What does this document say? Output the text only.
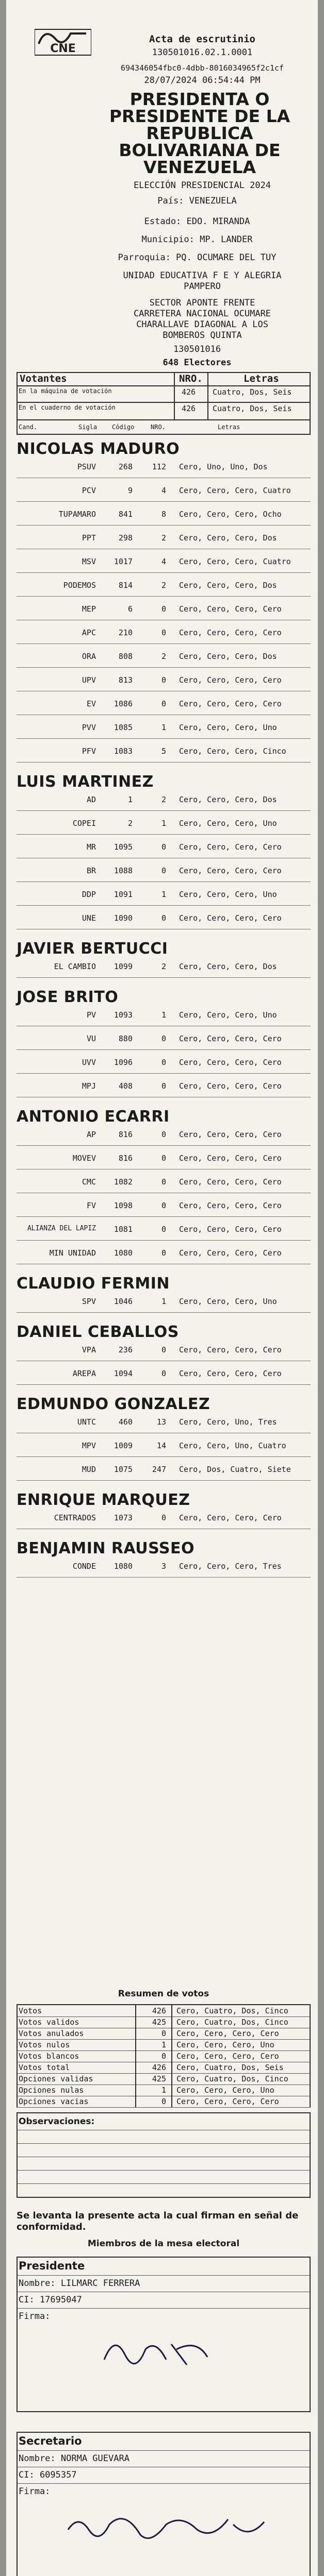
CNE
Acta de escrutinio
130501016.02.1.0001
694346054fbc0-4dbb-8016034965f2c1cf
28/07/2024 06:54:44 PM
PRESIDENTA O
PRESIDENTE DE LA
REPUBLICA
BOLIVARIANA DE
VENEZUELA
ELECCIÓN PRESIDENCIAL 2024
País: VENEZUELA
Estado: EDO. MIRANDA
Municipio: MP. LANDER
Parroquia: PQ. OCUMARE DEL TUY
UNIDAD EDUCATIVA F E Y ALEGRIA
PAMPERO
SECTOR APONTE FRENTE
CARRETERA NACIONAL OCUMARE
CHARALLAVE DIAGONAL A LOS
BOMBEROS QUINTA
130501016
648 Electores
Votantes	NRO.	Letras
En la máquina de votación	426 Cuatro, Dos, Seis
En el cuaderno de votación	426 Cuatro, Dos, Seis
Cand.	Sigla Código	NRO.	Letras
NICOLAS MADURO
PSUV	268	112 Cero, Uno, Uno, Dos
PCV	9	4 Cero, Cero, Cero, Cuatro
TUPAMARO	841	8 Cero, Cero, Cero, Ocho
PPT	298	2 Cero, Cero, Cero, Dos
MSV	1017	4 Cero, Cero, Cero, Cuatro
PODEMOS	814	2 Cero, Cero, Cero, Dos
MEP	6	0 Cero, Cero, Cero, Cero
APC	210	0 Cero, Cero, Cero, Cero
ORA	808	2 Cero, Cero, Cero, Dos
UPV	813	0 Cero, Cero, Cero, Cero
EV	1086	0 Cero, Cero, Cero, Cero
PVV	1085	1 Cero, Cero, Cero, Uno
PFV	1083	5 Cero, Cero, Cero, Cinco
LUIS MARTINEZ
AD	1	2 Cero, Cero, Cero, Dos
COPEI	2	1 Cero, Cero, Cero, Uno
MR	1095	0 Cero, Cero, Cero, Cero
BR	1088	0 Cero, Cero, Cero, Cero
DDP	1091	1 Cero, Cero, Cero, Uno
UNE	1090	0 Cero, Cero, Cero, Cero
JAVIER BERTUCCI
EL CAMBIO	1099	2 Cero, Cero, Cero, Dos
JOSE BRITO
PV	1093	1 Cero, Cero, Cero, Uno
VU	880	0 Cero, Cero, Cero, Cero
UVV	1096	0 Cero, Cero, Cero, Cero
MPJ	408	0 Cero, Cero, Cero, Cero
ANTONIO ECARRI
AP	816	0 Cero, Cero, Cero, Cero
MOVEV	816	0 Cero, Cero, Cero, Cero
CMC	1082	0 Cero, Cero, Cero, Cero
FV	1098	0 Cero, Cero, Cero, Cero
ALIANZA DEL LAPIZ	1081	0 Cero, Cero, Cero, Cero
MIN UNIDAD	1080	0 Cero, Cero, Cero, Cero
CLAUDIO FERMIN
SPV	1046	1 Cero, Cero, Cero, Uno
DANIEL CEBALLOS
VPA	236	0 Cero, Cero, Cero, Cero
AREPA	1094	0 Cero, Cero, Cero, Cero
EDMUNDO GONZALEZ
UNTC	460	13 Cero, Cero, Uno, Tres
MPV	1009	14 Cero, Cero, Uno, Cuatro
MUD	1075	247 Cero, Dos, Cuatro, Siete
ENRIQUE MARQUEZ
CENTRADOS	1073	0 Cero, Cero, Cero, Cero
BENJAMIN RAUSSEO
CONDE	1080	3 Cero, Cero, Cero, Tres
Resumen de votos
Votos	426 Cero, Cuatro, Dos, Cinco
Votos validos	425 Cero, Cuatro, Dos, Cinco
Votos anulados	0 Cero, Cero, Cero, Cero
Votos nulos	1 Cero, Cero, Cero, Uno
Votos blancos	0 Cero, Cero, Cero, Cero
Votos total	426 Cero, Cuatro, Dos, Seis
Opciones validas	425 Cero, Cuatro, Dos, Cinco
Opciones nulas	1 Cero, Cero, Cero, Uno
Opciones vacias	0 Cero, Cero, Cero, Cero
Observaciones:
Se levanta la presente acta la cual firman en señal de conformidad.
Miembros de la mesa electoral
Presidente
Nombre: LILMARC FERRERA
CI: 17695047
Firma:
Secretario
Nombre: NORMA GUEVARA
CI: 6095357
Firma:
